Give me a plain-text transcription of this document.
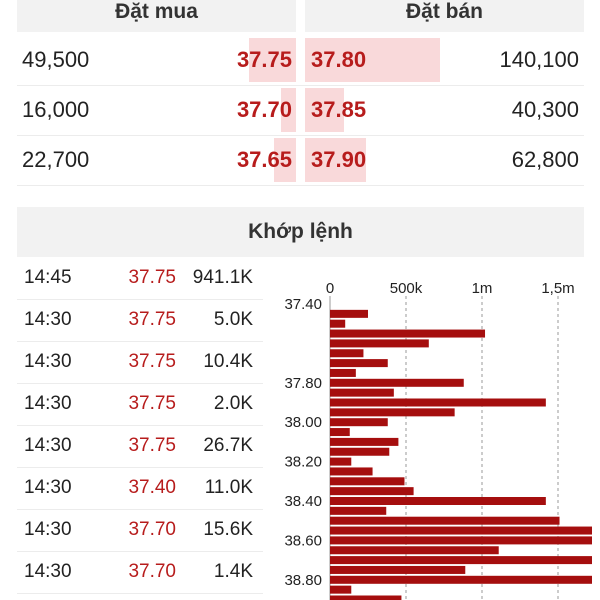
Đặt mua	Đặt bán
49,500	37.75 37.80	140,100
16,000	37.70 37.85	40,300
22,700	37.65 37.90	62,800
Khớp lệnh
14:45	37.75 941.1K
14:30	37.75 5.0K
14:30	37.75 10.4K
14:30	37.75 2.0K
14:30	37.75 26.7K
14:30	37.40 11.0K
14:30	37.70 15.6K
14:30	37.70 1.4K
0	500k	1m	1,5m
37.40
37.80
38.00
38.20
38.40
38.60
38.80
